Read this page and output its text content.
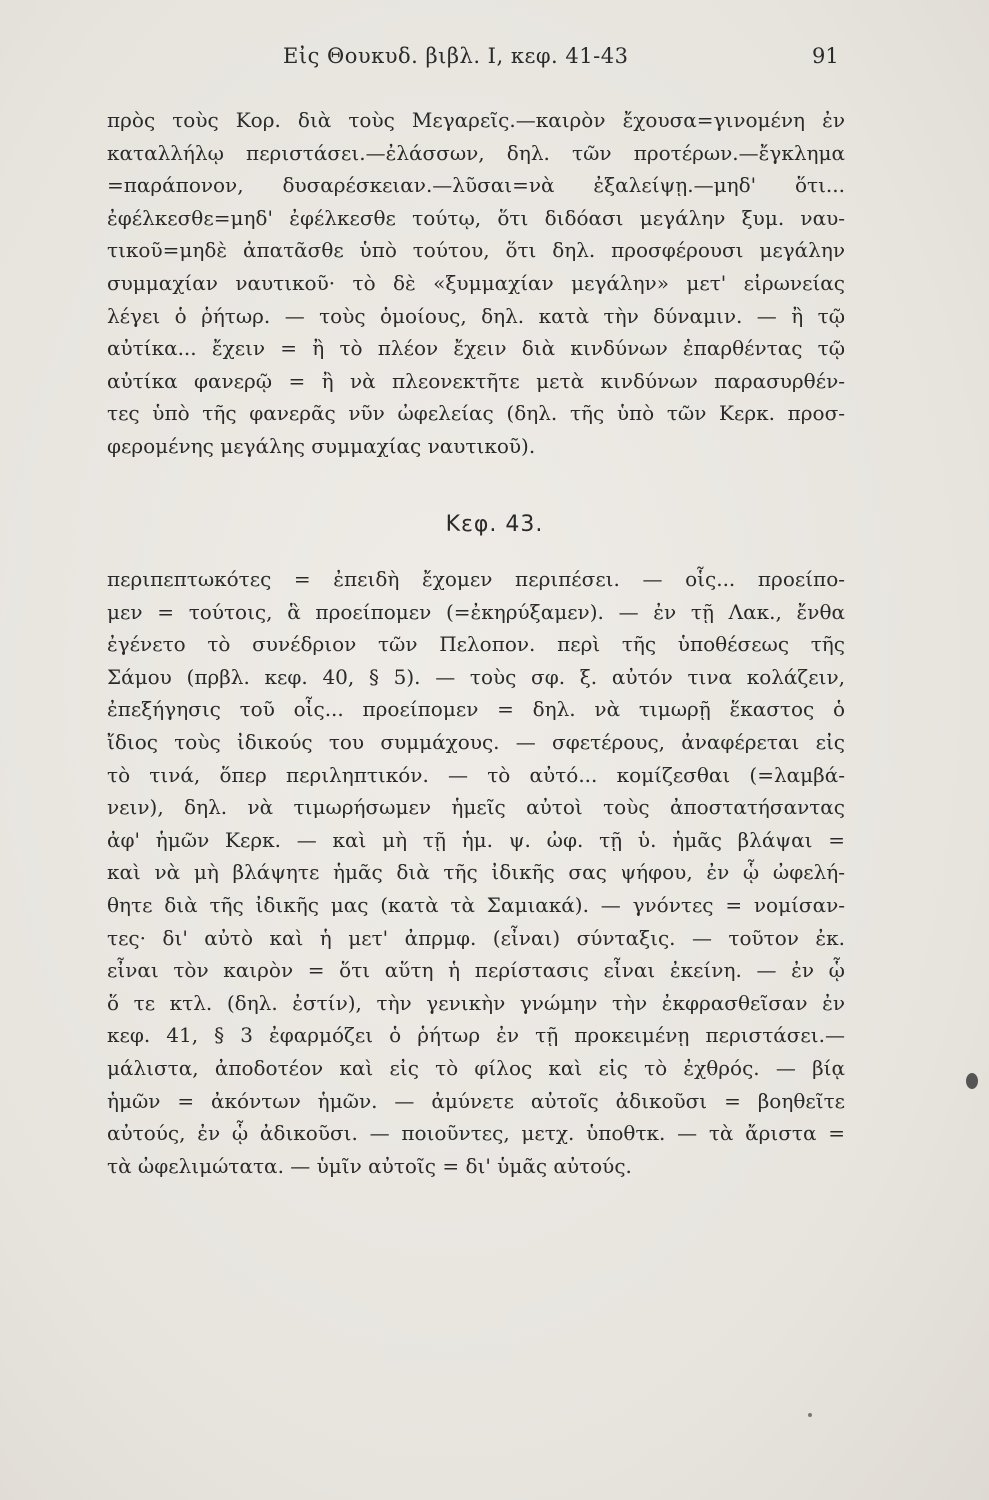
Εἰς Θουκυδ. βιβλ. Ι, κεφ. 41-43	91
πρὸς τοὺς Κορ. διὰ τοὺς Μεγαρεῖς.—καιρὸν ἔχουσα=γινομένη ἐν
καταλλήλῳ περιστάσει.—ἐλάσσων, δηλ. τῶν προτέρων.—ἔγκλημα
=παράπονον, δυσαρέσκειαν.—λῦσαι=νὰ ἐξαλείψῃ.—μηδ' ὅτι...
ἐφέλκεσθε=μηδ' ἐφέλκεσθε τούτῳ, ὅτι διδόασι μεγάλην ξυμ. ναυ-
τικοῦ=μηδὲ ἀπατᾶσθε ὑπὸ τούτου, ὅτι δηλ. προσφέρουσι μεγάλην
συμμαχίαν ναυτικοῦ· τὸ δὲ «ξυμμαχίαν μεγάλην» μετ' εἰρωνείας
λέγει ὁ ῥήτωρ. — τοὺς ὁμοίους, δηλ. κατὰ τὴν δύναμιν. — ἢ τῷ
αὐτίκα... ἔχειν = ἢ τὸ πλέον ἔχειν διὰ κινδύνων ἐπαρθέντας τῷ
αὐτίκα φανερῷ = ἢ νὰ πλεονεκτῆτε μετὰ κινδύνων παρασυρθέν-
τες ὑπὸ τῆς φανερᾶς νῦν ὠφελείας (δηλ. τῆς ὑπὸ τῶν Κερκ. προσ-
φερομένης μεγάλης συμμαχίας ναυτικοῦ).
Κεφ. 43.
περιπεπτωκότες = ἐπειδὴ ἔχομεν περιπέσει. — οἷς... προείπο-
μεν = τούτοις, ἃ προείπομεν (=ἐκηρύξαμεν). — ἐν τῇ Λακ., ἔνθα
ἐγένετο τὸ συνέδριον τῶν Πελοπον. περὶ τῆς ὑποθέσεως τῆς
Σάμου (πρβλ. κεφ. 40, § 5). — τοὺς σφ. ξ. αὐτόν τινα κολάζειν,
ἐπεξήγησις τοῦ οἷς... προείπομεν = δηλ. νὰ τιμωρῇ ἕκαστος ὁ
ἴδιος τοὺς ἰδικούς του συμμάχους. — σφετέρους, ἀναφέρεται εἰς
τὸ τινά, ὅπερ περιληπτικόν. — τὸ αὐτό... κομίζεσθαι (=λαμβά-
νειν), δηλ. νὰ τιμωρήσωμεν ἡμεῖς αὐτοὶ τοὺς ἀποστατήσαντας
ἀφ' ἡμῶν Κερκ. — καὶ μὴ τῇ ἡμ. ψ. ὠφ. τῇ ὑ. ἡμᾶς βλάψαι =
καὶ νὰ μὴ βλάψητε ἡμᾶς διὰ τῆς ἰδικῆς σας ψήφου, ἐν ᾧ ὠφελή-
θητε διὰ τῆς ἰδικῆς μας (κατὰ τὰ Σαμιακά). — γνόντες = νομίσαν-
τες· δι' αὐτὸ καὶ ἡ μετ' ἀπρμφ. (εἶναι) σύνταξις. — τοῦτον ἐκ.
εἶναι τὸν καιρὸν = ὅτι αὕτη ἡ περίστασις εἶναι ἐκείνη. — ἐν ᾧ
ὅ τε κτλ. (δηλ. ἐστίν), τὴν γενικὴν γνώμην τὴν ἐκφρασθεῖσαν ἐν
κεφ. 41, § 3 ἐφαρμόζει ὁ ῥήτωρ ἐν τῇ προκειμένῃ περιστάσει.—
μάλιστα, ἀποδοτέον καὶ εἰς τὸ φίλος καὶ εἰς τὸ ἐχθρός. — βίᾳ
ἡμῶν = ἀκόντων ἡμῶν. — ἀμύνετε αὐτοῖς ἀδικοῦσι = βοηθεῖτε
αὐτούς, ἐν ᾧ ἀδικοῦσι. — ποιοῦντες, μετχ. ὑποθτκ. — τὰ ἄριστα =
τὰ ὠφελιμώτατα. — ὑμῖν αὐτοῖς = δι' ὑμᾶς αὐτούς.
